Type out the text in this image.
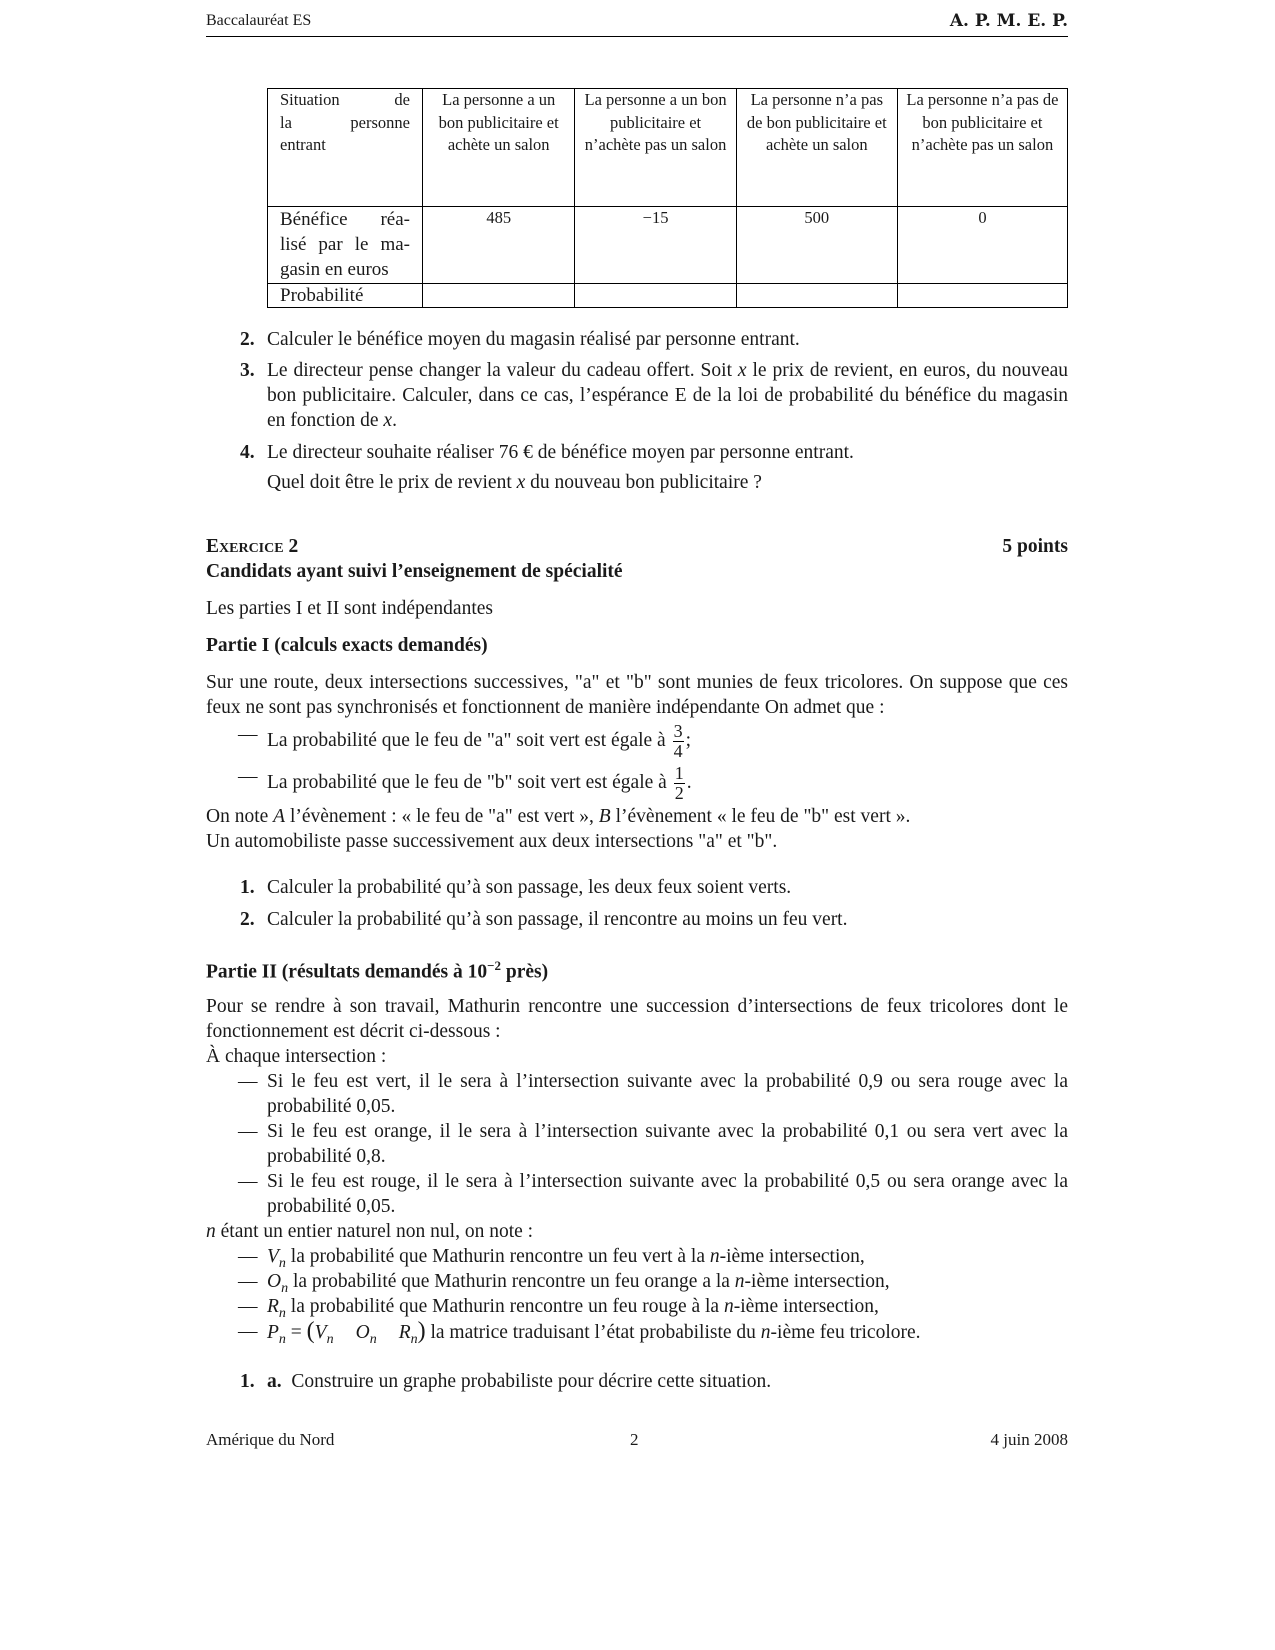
Baccalauréat ES	A. P. M. E. P.
Situation de
la personne
entrant	La personne a un bon publicitaire et achète un salon	La personne a un bon publicitaire et n’achète pas un salon	La personne n’a pas de bon publicitaire et achète un salon	La personne n’a pas de bon publicitaire et n’achète pas un salon
Bénéfice réa- lisé par le ma- gasin en euros	485	−15	500	0
Probabilité				
2. Calculer le bénéfice moyen du magasin réalisé par personne entrant.
3. Le directeur pense changer la valeur du cadeau offert. Soit x le prix de revient, en euros, du nouveau bon publicitaire. Calculer, dans ce cas, l’espérance E de la loi de probabilité du bénéfice du magasin en fonction de x.
4. Le directeur souhaite réaliser 76 € de bénéfice moyen par personne entrant.
Quel doit être le prix de revient x du nouveau bon publicitaire ?
Exercice 2	5 points
Candidats ayant suivi l’enseignement de spécialité
Les parties I et II sont indépendantes
Partie I (calculs exacts demandés)
Sur une route, deux intersections successives, "a" et "b" sont munies de feux tricolores. On suppose que ces feux ne sont pas synchronisés et fonctionnent de manière indépendante On admet que :
— La probabilité que le feu de "a" soit vert est égale à $\frac{3}{4}$ ;
— La probabilité que le feu de "b" soit vert est égale à $\frac{1}{2}$ .
On note A l’évènement : « le feu de "a" est vert », B l’évènement « le feu de "b" est vert ».
Un automobiliste passe successivement aux deux intersections "a" et "b".
1. Calculer la probabilité qu’à son passage, les deux feux soient verts.
2. Calculer la probabilité qu’à son passage, il rencontre au moins un feu vert.
Partie II (résultats demandés à $10^{-2}$ près)
Pour se rendre à son travail, Mathurin rencontre une succession d’intersections de feux tricolores dont le fonctionnement est décrit ci-dessous :
À chaque intersection :
— Si le feu est vert, il le sera à l’intersection suivante avec la probabilité 0,9 ou sera rouge avec la probabilité 0,05.
— Si le feu est orange, il le sera à l’intersection suivante avec la probabilité 0,1 ou sera vert avec la probabilité 0,8.
— Si le feu est rouge, il le sera à l’intersection suivante avec la probabilité 0,5 ou sera orange avec la probabilité 0,05.
n étant un entier naturel non nul, on note :
— $V_n$ la probabilité que Mathurin rencontre un feu vert à la n-ième intersection,
— $O_n$ la probabilité que Mathurin rencontre un feu orange a la n-ième intersection,
— $R_n$ la probabilité que Mathurin rencontre un feu rouge à la n-ième intersection,
— $P_n = (V_n$ $O_n$ $R_n$) la matrice traduisant l’état probabiliste du n-ième feu tricolore.
1. a. Construire un graphe probabiliste pour décrire cette situation.
Amérique du Nord	2	4 juin 2008
